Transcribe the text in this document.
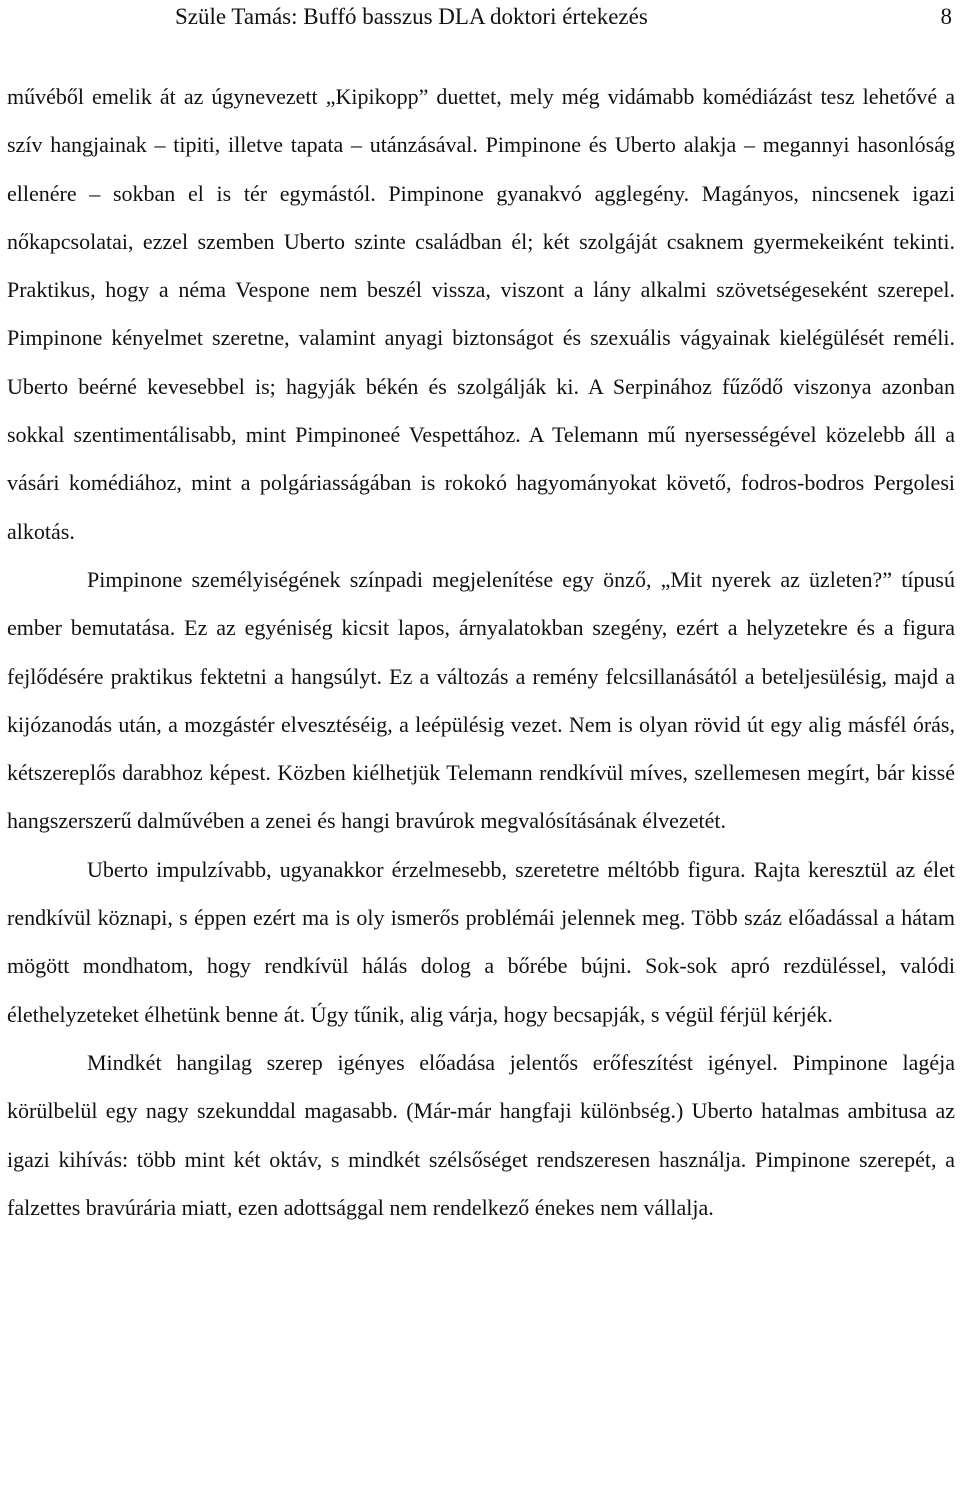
Szüle Tamás: Buffó basszus DLA doktori értekezés	8

művéből emelik át az úgynevezett „Kipikopp” duettet, mely még vidámabb komédiázást tesz lehetővé a szív hangjainak – tipiti, illetve tapata – utánzásával. Pimpinone és Uberto alakja – megannyi hasonlóság ellenére – sokban el is tér egymástól. Pimpinone gyanakvó agglegény. Magányos, nincsenek igazi nőkapcsolatai, ezzel szemben Uberto szinte családban él; két szolgáját csaknem gyermekeiként tekinti. Praktikus, hogy a néma Vespone nem beszél vissza, viszont a lány alkalmi szövetségeseként szerepel. Pimpinone kényelmet szeretne, valamint anyagi biztonságot és szexuális vágyainak kielégülését reméli. Uberto beérné kevesebbel is; hagyják békén és szolgálják ki. A Serpinához fűződő viszonya azonban sokkal szentimentálisabb, mint Pimpinoneé Vespettához. A Telemann mű nyersességével közelebb áll a vásári komédiához, mint a polgáriasságában is rokokó hagyományokat követő, fodros-bodros Pergolesi alkotás.

Pimpinone személyiségének színpadi megjelenítése egy önző, „Mit nyerek az üzleten?” típusú ember bemutatása. Ez az egyéniség kicsit lapos, árnyalatokban szegény, ezért a helyzetekre és a figura fejlődésére praktikus fektetni a hangsúlyt. Ez a változás a remény felcsillanásától a beteljesülésig, majd a kijózanodás után, a mozgástér elvesztéséig, a leépülésig vezet. Nem is olyan rövid út egy alig másfél órás, kétszereplős darabhoz képest. Közben kiélhetjük Telemann rendkívül míves, szellemesen megírt, bár kissé hangszerszerű dalművében a zenei és hangi bravúrok megvalósításának élvezetét.

Uberto impulzívabb, ugyanakkor érzelmesebb, szeretetre méltóbb figura. Rajta keresztül az élet rendkívül köznapi, s éppen ezért ma is oly ismerős problémái jelennek meg. Több száz előadással a hátam mögött mondhatom, hogy rendkívül hálás dolog a bőrébe bújni. Sok-sok apró rezdüléssel, valódi élethelyzeteket élhetünk benne át. Úgy tűnik, alig várja, hogy becsapják, s végül férjül kérjék.

Mindkét hangilag szerep igényes előadása jelentős erőfeszítést igényel. Pimpinone lagéja körülbelül egy nagy szekunddal magasabb. (Már-már hangfaji különbség.) Uberto hatalmas ambitusa az igazi kihívás: több mint két oktáv, s mindkét szélsőséget rendszeresen használja. Pimpinone szerepét, a falzettes bravúrária miatt, ezen adottsággal nem rendelkező énekes nem vállalja.
